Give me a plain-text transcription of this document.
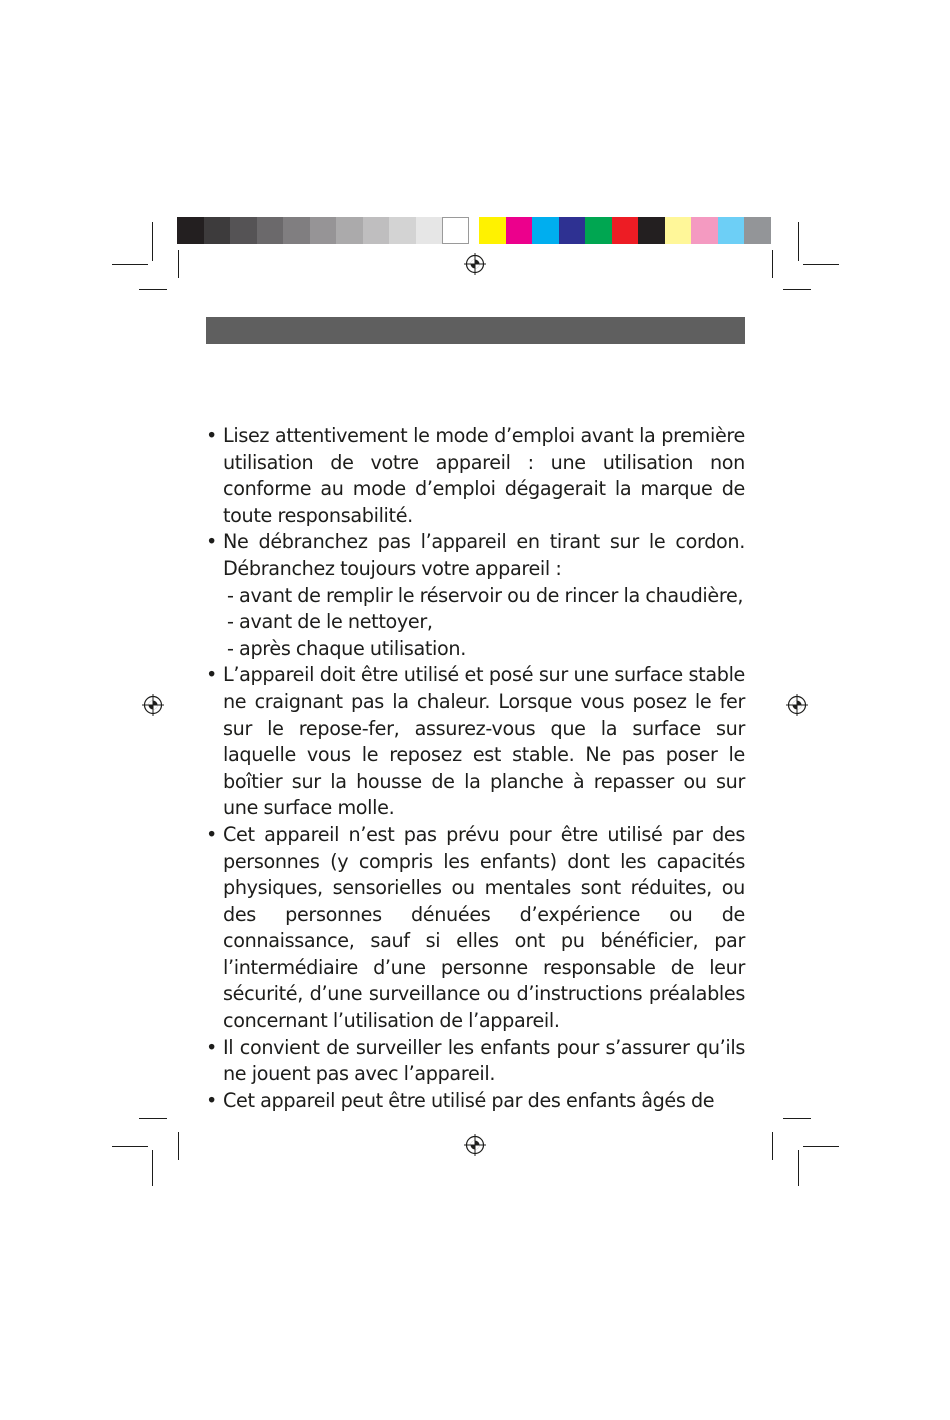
• Lisez attentivement le mode d’emploi avant la première utilisation de votre appareil : une utilisation non conforme au mode d’emploi dégagerait la marque de toute responsabilité.
• Ne débranchez pas l’appareil en tirant sur le cordon. Débranchez toujours votre appareil :
- avant de remplir le réservoir ou de rincer la chaudière,
- avant de le nettoyer,
- après chaque utilisation.
• L’appareil doit être utilisé et posé sur une surface stable ne craignant pas la chaleur. Lorsque vous posez le fer sur le repose-fer, assurez-vous que la surface sur laquelle vous le reposez est stable. Ne pas poser le boîtier sur la housse de la planche à repasser ou sur une surface molle.
• Cet appareil n’est pas prévu pour être utilisé par des personnes (y compris les enfants) dont les capacités physiques, sensorielles ou mentales sont réduites, ou des personnes dénuées d’expérience ou de connaissance, sauf si elles ont pu bénéficier, par l’intermédiaire d’une personne responsable de leur sécurité, d’une surveillance ou d’instructions préalables concernant l’utilisation de l’appareil.
• Il convient de surveiller les enfants pour s’assurer qu’ils ne jouent pas avec l’appareil.
• Cet appareil peut être utilisé par des enfants âgés de
